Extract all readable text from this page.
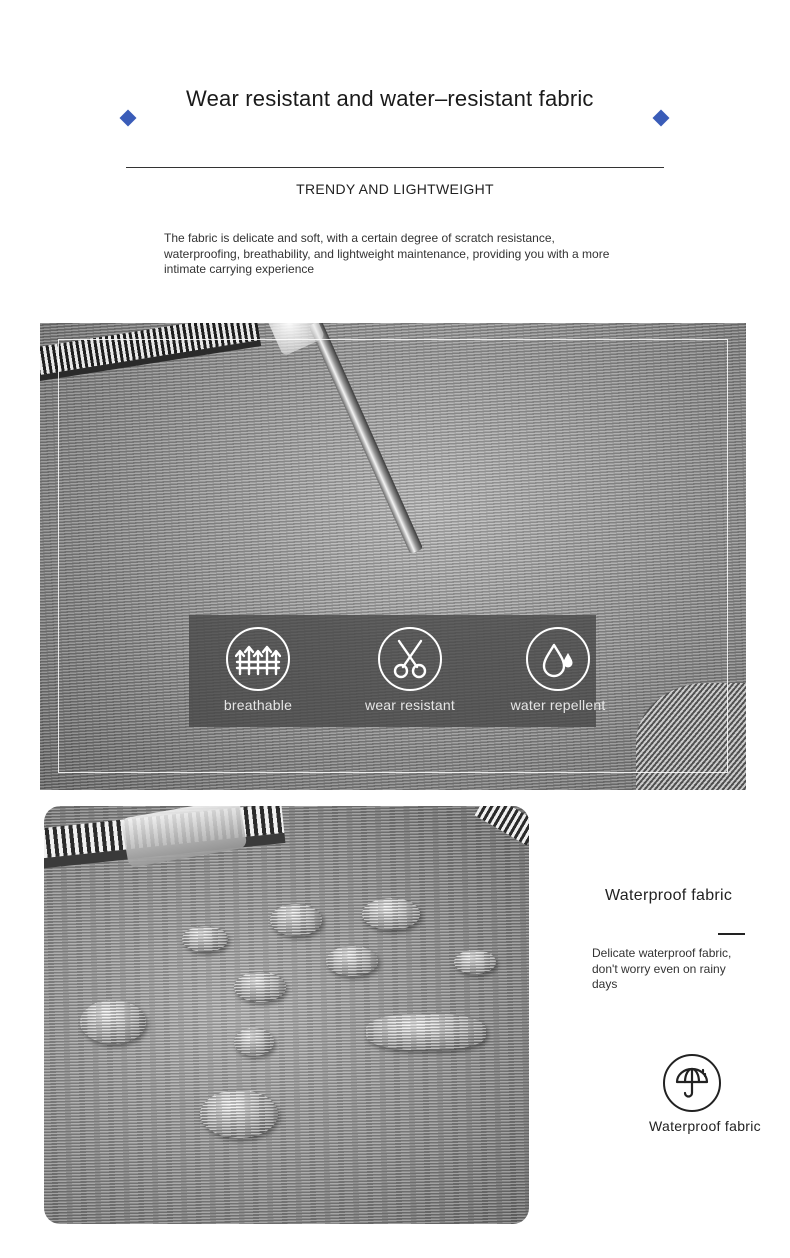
Wear resistant and water–resistant fabric
TRENDY AND LIGHTWEIGHT
The fabric is delicate and soft, with a certain degree of scratch resistance, waterproofing, breathability, and lightweight maintenance, providing you with a more intimate carrying experience
breathable	wear resistant	water repellent
Waterproof fabric
Delicate waterproof fabric, don't worry even on rainy days
Waterproof fabric
